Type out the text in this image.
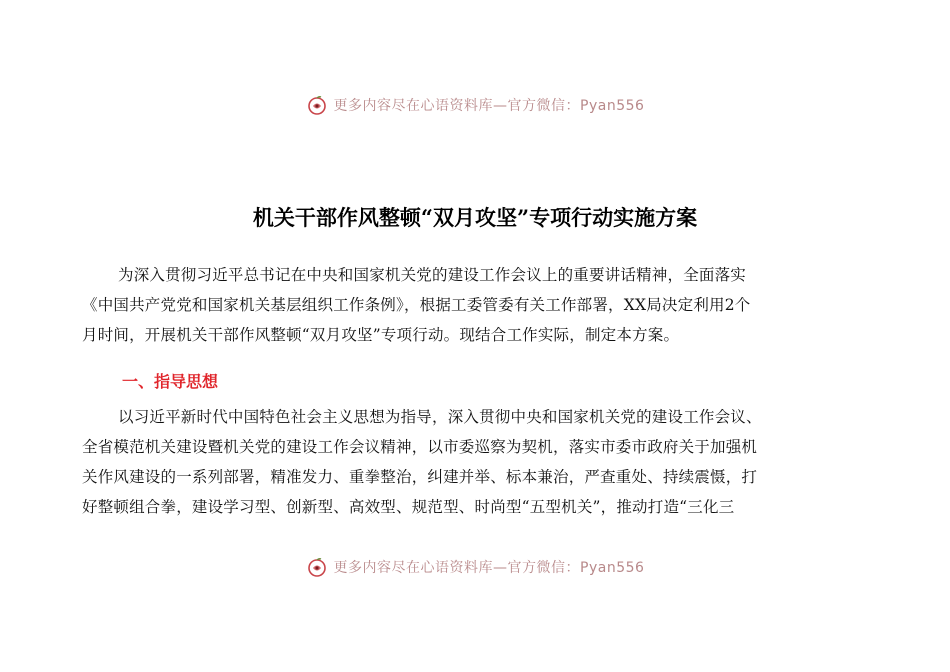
更多内容尽在心语资料库—官方微信：Pyan556
机关干部作风整顿“双月攻坚”专项行动实施方案
为深入贯彻习近平总书记在中央和国家机关党的建设工作会议上的重要讲话精神，全面落实
《中国共产党党和国家机关基层组织工作条例》，根据工委管委有关工作部署，XX局决定利用2个
月时间，开展机关干部作风整顿“双月攻坚”专项行动。现结合工作实际，制定本方案。
一、指导思想
以习近平新时代中国特色社会主义思想为指导，深入贯彻中央和国家机关党的建设工作会议、
全省模范机关建设暨机关党的建设工作会议精神，以市委巡察为契机，落实市委市政府关于加强机
关作风建设的一系列部署，精准发力、重拳整治，纠建并举、标本兼治，严查重处、持续震慑，打
好整顿组合拳，建设学习型、创新型、高效型、规范型、时尚型“五型机关”，推动打造“三化三
更多内容尽在心语资料库—官方微信：Pyan556
